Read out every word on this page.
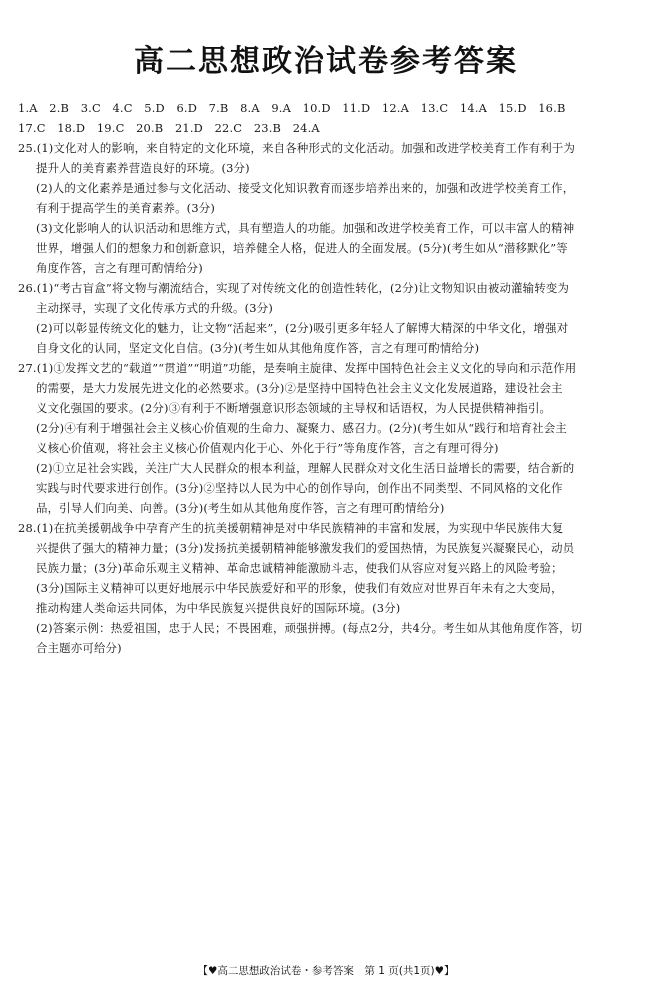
高二思想政治试卷参考答案

1.A　2.B　3.C　4.C　5.D　6.D　7.B　8.A　9.A　10.D　11.D　12.A　13.C　14.A　15.D　16.B

17.C　18.D　19.C　20.B　21.D　22.C　23.B　24.A

25.(1)文化对人的影响，来自特定的文化环境，来自各种形式的文化活动。加强和改进学校美育工作有利于为

提升人的美育素养营造良好的环境。(3分)

(2)人的文化素养是通过参与文化活动、接受文化知识教育而逐步培养出来的，加强和改进学校美育工作，

有利于提高学生的美育素养。(3分)

(3)文化影响人的认识活动和思维方式，具有塑造人的功能。加强和改进学校美育工作，可以丰富人的精神

世界，增强人们的想象力和创新意识，培养健全人格，促进人的全面发展。(5分)(考生如从“潜移默化”等

角度作答，言之有理可酌情给分)

26.(1)“考古盲盒”将文物与潮流结合，实现了对传统文化的创造性转化，(2分)让文物知识由被动灌输转变为

主动探寻，实现了文化传承方式的升级。(3分)

(2)可以彰显传统文化的魅力，让文物“活起来”，(2分)吸引更多年轻人了解博大精深的中华文化，增强对

自身文化的认同，坚定文化自信。(3分)(考生如从其他角度作答，言之有理可酌情给分)

27.(1)①发挥文艺的“载道”“贯道”“明道”功能，是奏响主旋律、发挥中国特色社会主义文化的导向和示范作用

的需要，是大力发展先进文化的必然要求。(3分)②是坚持中国特色社会主义文化发展道路，建设社会主

义文化强国的要求。(2分)③有利于不断增强意识形态领域的主导权和话语权，为人民提供精神指引。

(2分)④有利于增强社会主义核心价值观的生命力、凝聚力、感召力。(2分)(考生如从“践行和培育社会主

义核心价值观，将社会主义核心价值观内化于心、外化于行”等角度作答，言之有理可得分)

(2)①立足社会实践，关注广大人民群众的根本利益，理解人民群众对文化生活日益增长的需要，结合新的

实践与时代要求进行创作。(3分)②坚持以人民为中心的创作导向，创作出不同类型、不同风格的文化作

品，引导人们向美、向善。(3分)(考生如从其他角度作答，言之有理可酌情给分)

28.(1)在抗美援朝战争中孕育产生的抗美援朝精神是对中华民族精神的丰富和发展，为实现中华民族伟大复

兴提供了强大的精神力量；(3分)发扬抗美援朝精神能够激发我们的爱国热情，为民族复兴凝聚民心，动员

民族力量；(3分)革命乐观主义精神、革命忠诚精神能激励斗志，使我们从容应对复兴路上的风险考验；

(3分)国际主义精神可以更好地展示中华民族爱好和平的形象，使我们有效应对世界百年未有之大变局，

推动构建人类命运共同体，为中华民族复兴提供良好的国际环境。(3分)

(2)答案示例：热爱祖国，忠于人民；不畏困难，顽强拼搏。(每点2分，共4分。考生如从其他角度作答，切

合主题亦可给分)

【♥高二思想政治试卷・参考答案　第 1 页(共1页)♥】
